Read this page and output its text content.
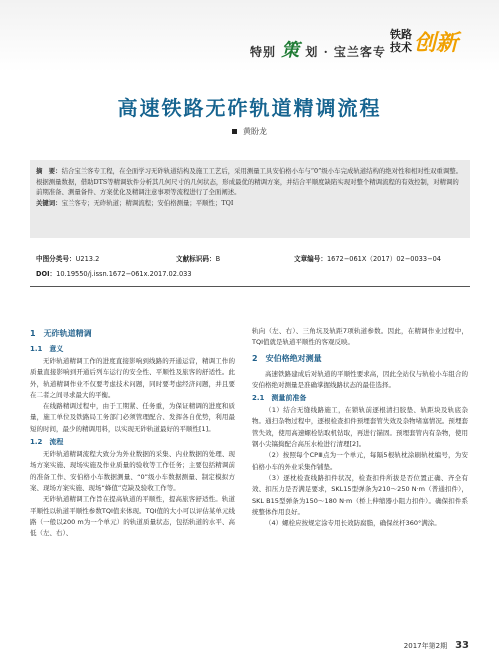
特别 策 划 · 宝兰客专
铁路技术 创新
高速铁路无砟轨道精调流程
黄盼龙
摘　要：结合宝兰客专工程，在全面学习无砟轨道结构及施工工艺后，采用测量工具安伯格小车与“0”级小车完成轨道结构的绝对性和相对性双重调整。根据测量数据，借助DTS等精调软件分析其几何尺寸的几何状态，形成最优的精调方案，并结合平顺度缺陷实现对整个精调流程的有效控制，对精调的前期准备、测量备件、方案优化及精调注意事项等流程进行了全面阐述。
关键词：宝兰客专；无砟轨道；精调流程；安伯格测量；平顺性；TQI
中图分类号：U213.2	文献标识码：B	文章编号：1672−061X（2017）02−0033−04
DOI：10.19550/j.issn.1672−061x.2017.02.033
1　无砟轨道精调
1.1　意义

无砟轨道精调工作的进度直接影响到线路的开通运营，精调工作的质量直接影响到开通后列车运行的安全性、平顺性及旅客的舒适性。此外，轨道精调作业不仅要考虑技术问题，同时要考虑经济问题，并且要在二者之间寻求最大的平衡。

在线路精调过程中，由于工期紧、任务重，为保证精调的进度和质量，施工单位及铁路局工务部门必须管理配合、发挥各自优势，利用最短的时间，最少的精调用料，以实现无砟轨道最好的平顺性[1]。

1.2　流程

无砟轨道精调流程大致分为外业数据的采集、内业数据的处理、现场方案实施、现场实施及作业质量的验收等工作任务；主要包括精调前的准备工作、安伯格小车数据测量、“0”级小车数据测量、制定模拟方案、现场方案实施、现场“蜂值”克缺及验收工作等。

无砟轨道精调工作旨在提高轨道的平顺性，提高旅客舒适性。轨道平顺性以轨道平顺性参数TQI值来体现。TQI值的大小可以评估某单元线路（一般以200 m为一个单元）的轨道质量状态，包括轨道的水平、高低（左、右）、

轨向（左、右）、三角坑及轨距7项轨道参数。因此，在精调作业过程中，TQI值就是轨道平顺性的客观反映。

2　安伯格绝对测量

高速铁路建成后对轨道的平顺性要求高，因此全站仪与轨检小车组合的安伯格绝对测量是准确掌握线路状态的最佳选择。

2.1　测量前准备

（1）结合无缝线路施工，在锁轨前逐根清扫胶垫、轨距块及轨底杂物。通扫杂物过程中，逐根检查扣件预埋套管失效及杂物堵塞情况。预埋套管失效，使用高速螺栓钻取机钻取，再进行锚固。预埋套管内有杂物，使用钢小尖镐捣配合高压水枪进行清理[2]。

（2）按照每个CPⅢ点为一个单元，每隔5根轨枕涂刷轨枕编号，为安伯格小车的外业采集作铺垫。

（3）逐枕检查线路扣件状况，检查扣件所拔是否位置正确、齐全有效、扣压力是否满足要求，SKL15型弹条为210～250 N·m（普通扣件），SKL B15型弹条为150～180 N·m（桥上伸缩器小阻力扣件）。确保扣件系统整体作用良好。

（4）螺栓应按规定涂专用长效防腐脂，确保丝杆360°满涂。

2017年第2期 33
